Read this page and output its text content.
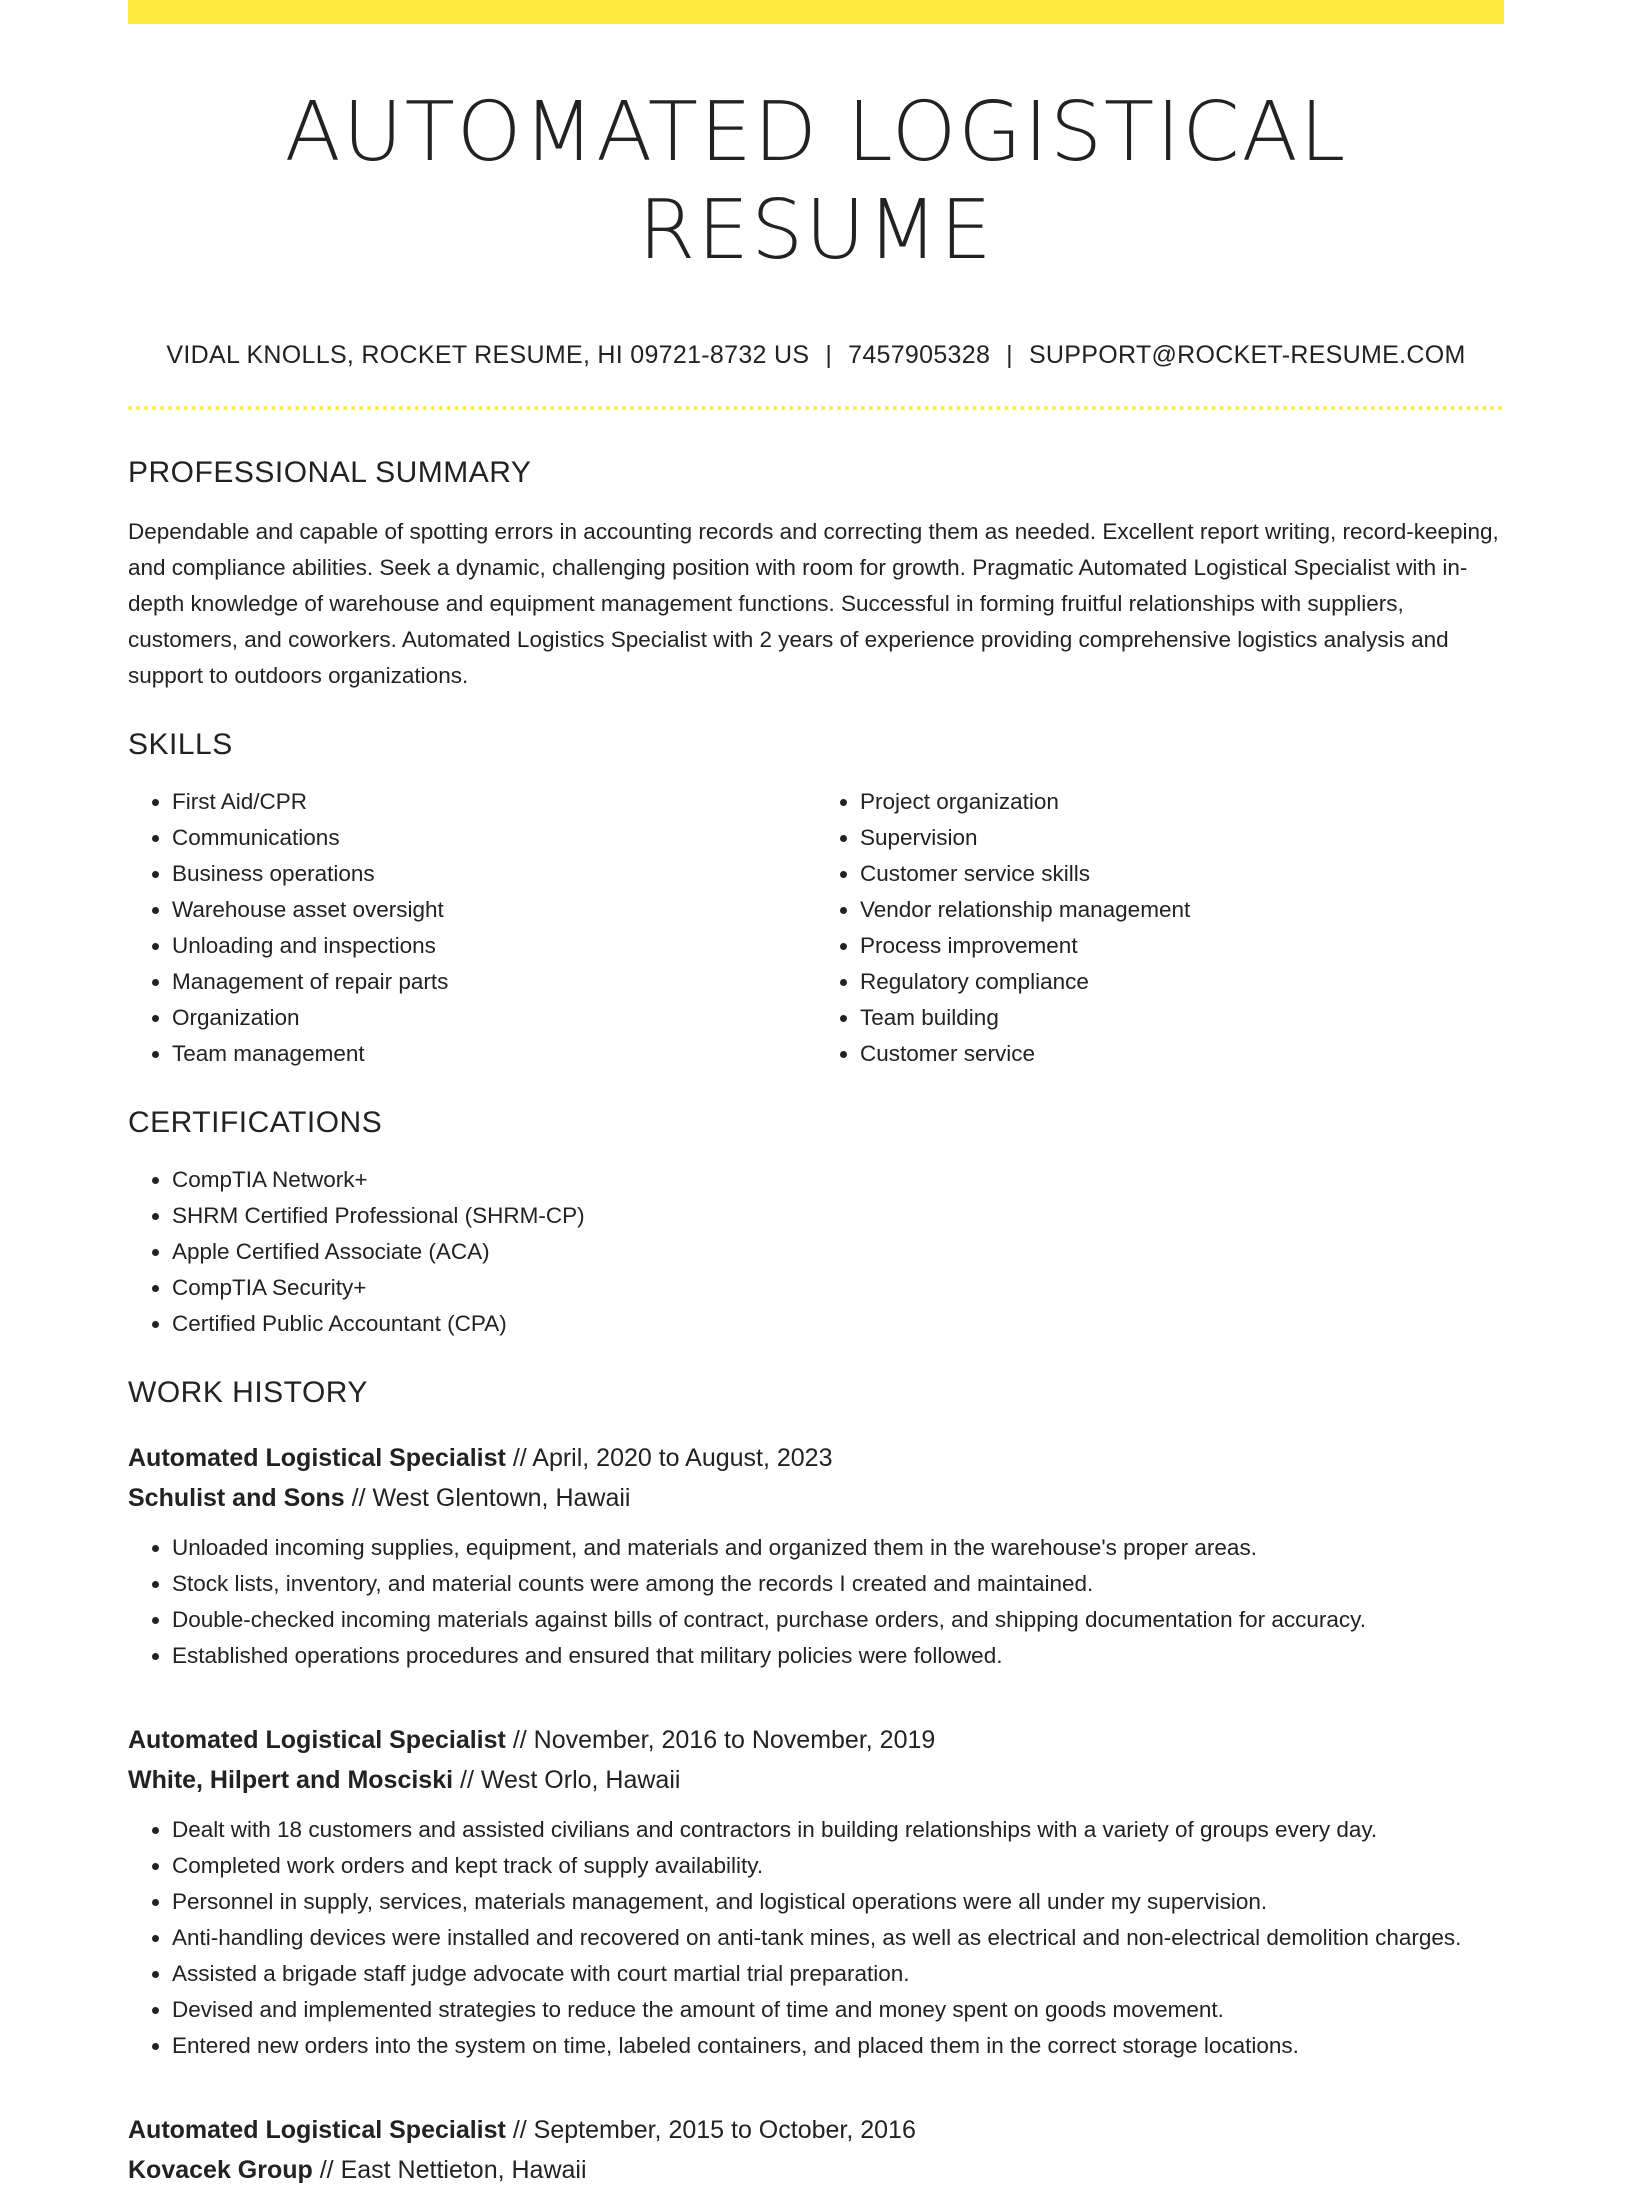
AUTOMATED LOGISTICAL RESUME
VIDAL KNOLLS, ROCKET RESUME, HI 09721-8732 US | 7457905328 | SUPPORT@ROCKET-RESUME.COM
PROFESSIONAL SUMMARY
Dependable and capable of spotting errors in accounting records and correcting them as needed. Excellent report writing, record-keeping, and compliance abilities. Seek a dynamic, challenging position with room for growth. Pragmatic Automated Logistical Specialist with in-depth knowledge of warehouse and equipment management functions. Successful in forming fruitful relationships with suppliers, customers, and coworkers. Automated Logistics Specialist with 2 years of experience providing comprehensive logistics analysis and support to outdoors organizations.
SKILLS
• First Aid/CPR
• Communications
• Business operations
• Warehouse asset oversight
• Unloading and inspections
• Management of repair parts
• Organization
• Team management
• Project organization
• Supervision
• Customer service skills
• Vendor relationship management
• Process improvement
• Regulatory compliance
• Team building
• Customer service
CERTIFICATIONS
• CompTIA Network+
• SHRM Certified Professional (SHRM-CP)
• Apple Certified Associate (ACA)
• CompTIA Security+
• Certified Public Accountant (CPA)
WORK HISTORY
Automated Logistical Specialist // April, 2020 to August, 2023
Schulist and Sons // West Glentown, Hawaii
• Unloaded incoming supplies, equipment, and materials and organized them in the warehouse's proper areas.
• Stock lists, inventory, and material counts were among the records I created and maintained.
• Double-checked incoming materials against bills of contract, purchase orders, and shipping documentation for accuracy.
• Established operations procedures and ensured that military policies were followed.
Automated Logistical Specialist // November, 2016 to November, 2019
White, Hilpert and Mosciski // West Orlo, Hawaii
• Dealt with 18 customers and assisted civilians and contractors in building relationships with a variety of groups every day.
• Completed work orders and kept track of supply availability.
• Personnel in supply, services, materials management, and logistical operations were all under my supervision.
• Anti-handling devices were installed and recovered on anti-tank mines, as well as electrical and non-electrical demolition charges.
• Assisted a brigade staff judge advocate with court martial trial preparation.
• Devised and implemented strategies to reduce the amount of time and money spent on goods movement.
• Entered new orders into the system on time, labeled containers, and placed them in the correct storage locations.
Automated Logistical Specialist // September, 2015 to October, 2016
Kovacek Group // East Nettieton, Hawaii
